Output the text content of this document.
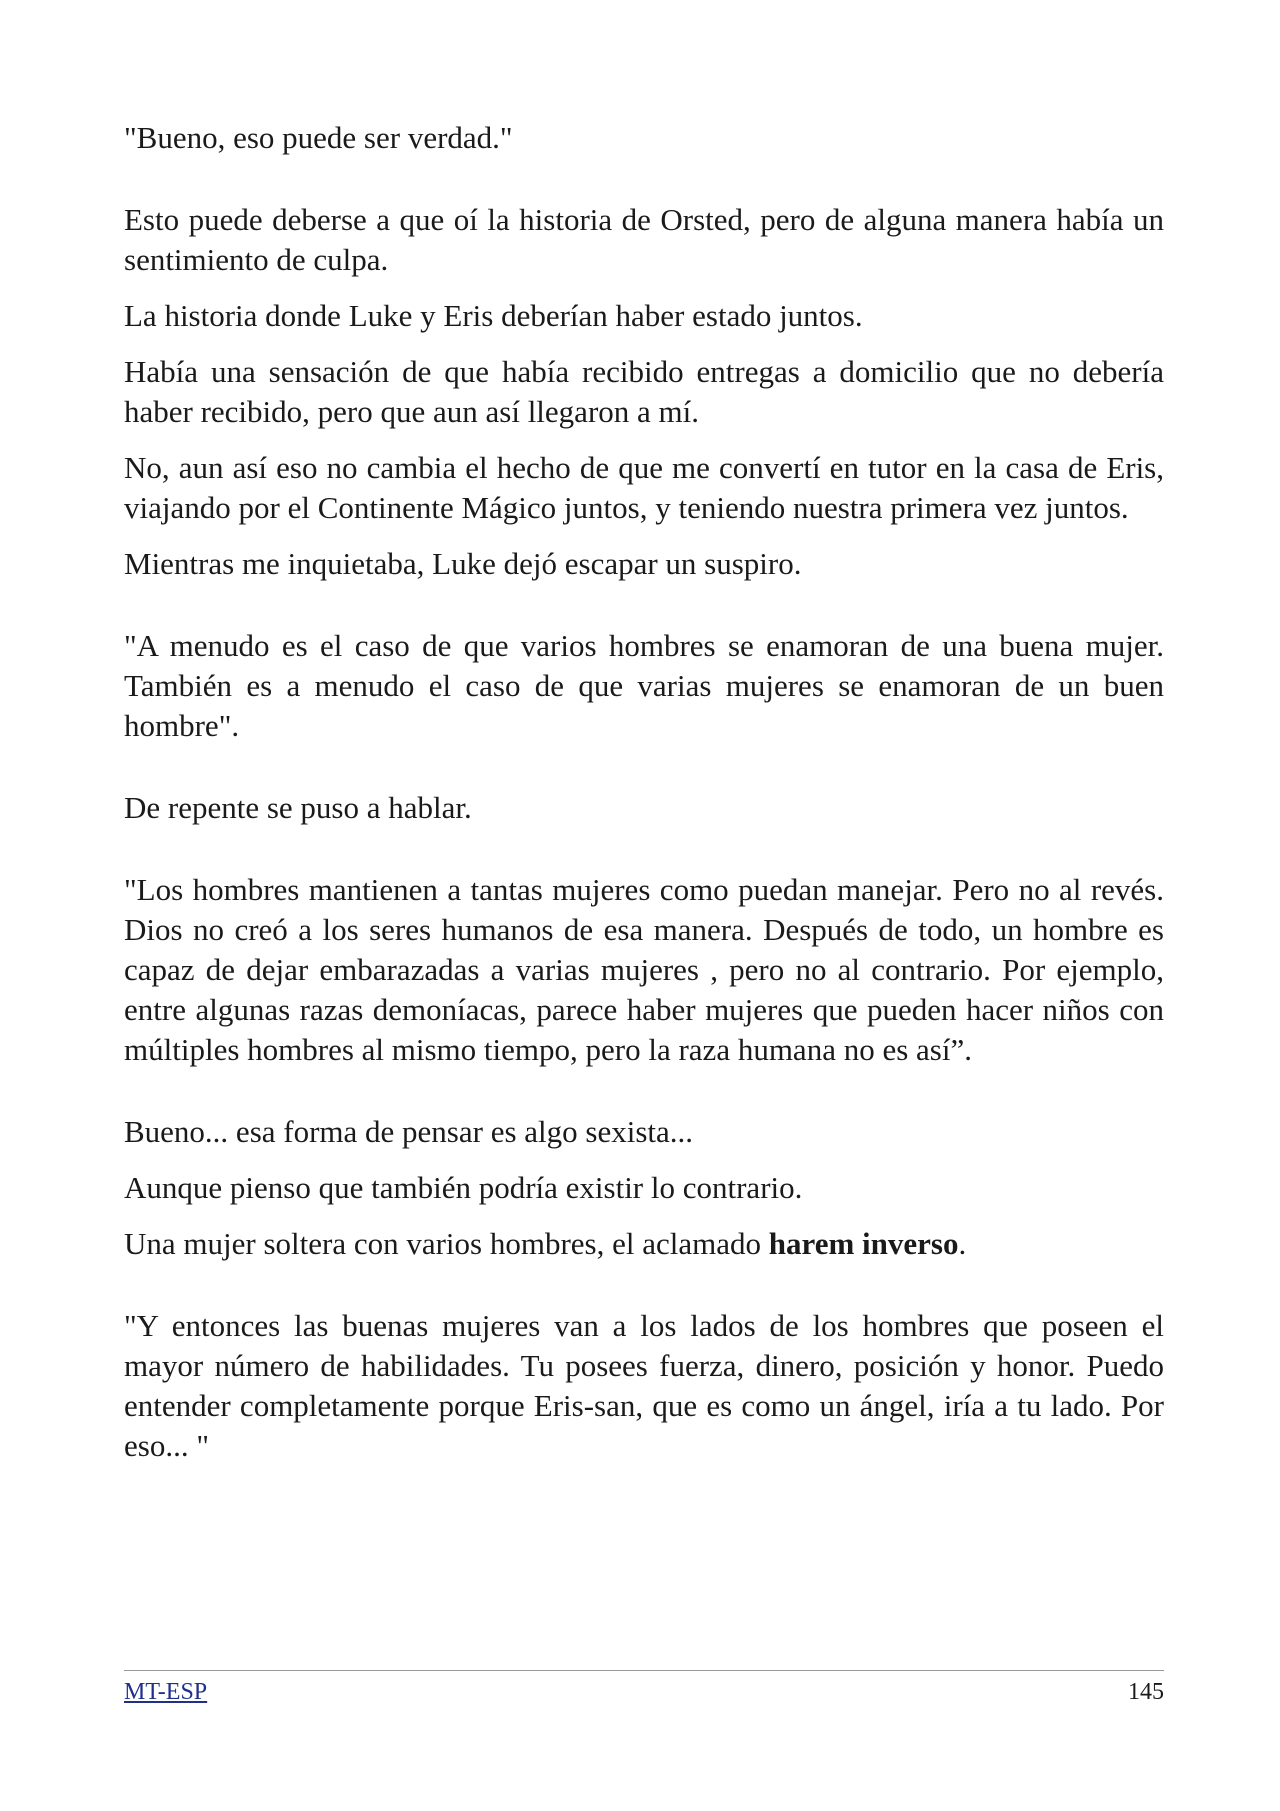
"Bueno, eso puede ser verdad."

Esto puede deberse a que oí la historia de Orsted, pero de alguna manera había un sentimiento de culpa.

La historia donde Luke y Eris deberían haber estado juntos.

Había una sensación de que había recibido entregas a domicilio que no debería haber recibido, pero que aun así llegaron a mí.

No, aun así eso no cambia el hecho de que me convertí en tutor en la casa de Eris, viajando por el Continente Mágico juntos, y teniendo nuestra primera vez juntos.

Mientras me inquietaba, Luke dejó escapar un suspiro.

"A menudo es el caso de que varios hombres se enamoran de una buena mujer. También es a menudo el caso de que varias mujeres se enamoran de un buen hombre".

De repente se puso a hablar.

"Los hombres mantienen a tantas mujeres como puedan manejar. Pero no al revés. Dios no creó a los seres humanos de esa manera. Después de todo, un hombre es capaz de dejar embarazadas a varias mujeres , pero no al contrario. Por ejemplo, entre algunas razas demoníacas, parece haber mujeres que pueden hacer niños con múltiples hombres al mismo tiempo, pero la raza humana no es así”.

Bueno... esa forma de pensar es algo sexista...

Aunque pienso que también podría existir lo contrario.

Una mujer soltera con varios hombres, el aclamado harem inverso.

"Y entonces las buenas mujeres van a los lados de los hombres que poseen el mayor número de habilidades. Tu posees fuerza, dinero, posición y honor. Puedo entender completamente porque Eris-san, que es como un ángel, iría a tu lado. Por eso... "

MT-ESP	145
